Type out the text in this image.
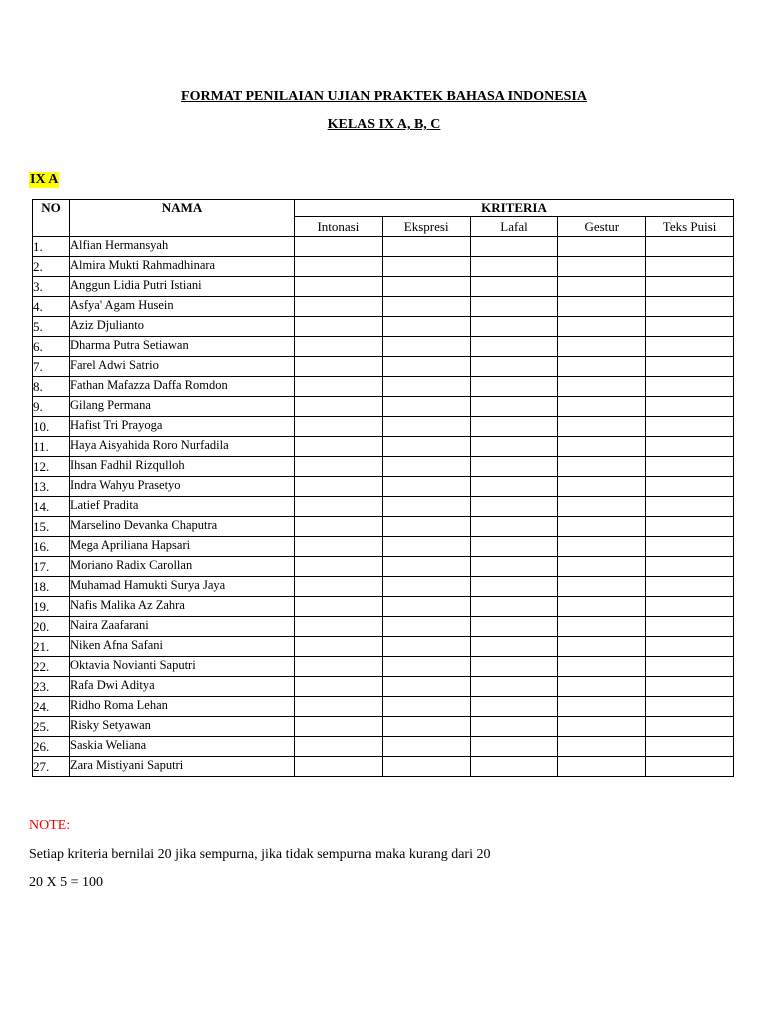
FORMAT PENILAIAN UJIAN PRAKTEK BAHASA INDONESIA
KELAS IX A, B, C
IX A
NO	NAMA	KRITERIA				
		Intonasi	Ekspresi	Lafal	Gestur	Teks Puisi
1.	Alfian Hermansyah					
2.	Almira Mukti Rahmadhinara					
3.	Anggun Lidia Putri Istiani					
4.	Asfya' Agam Husein					
5.	Aziz Djulianto					
6.	Dharma Putra Setiawan					
7.	Farel Adwi Satrio					
8.	Fathan Mafazza Daffa Romdon					
9.	Gilang Permana					
10.	Hafist Tri Prayoga					
11.	Haya Aisyahida Roro Nurfadila					
12.	Ihsan Fadhil Rizqulloh					
13.	Indra Wahyu Prasetyo					
14.	Latief Pradita					
15.	Marselino Devanka Chaputra					
16.	Mega Apriliana Hapsari					
17.	Moriano Radix Carollan					
18.	Muhamad Hamukti Surya Jaya					
19.	Nafis Malika Az Zahra					
20.	Naira Zaafarani					
21.	Niken Afna Safani					
22.	Oktavia Novianti Saputri					
23.	Rafa Dwi Aditya					
24.	Ridho Roma Lehan					
25.	Risky Setyawan					
26.	Saskia Weliana					
27.	Zara Mistiyani Saputri					
NOTE:
Setiap kriteria bernilai 20 jika sempurna, jika tidak sempurna maka kurang dari 20
20 X 5 = 100
